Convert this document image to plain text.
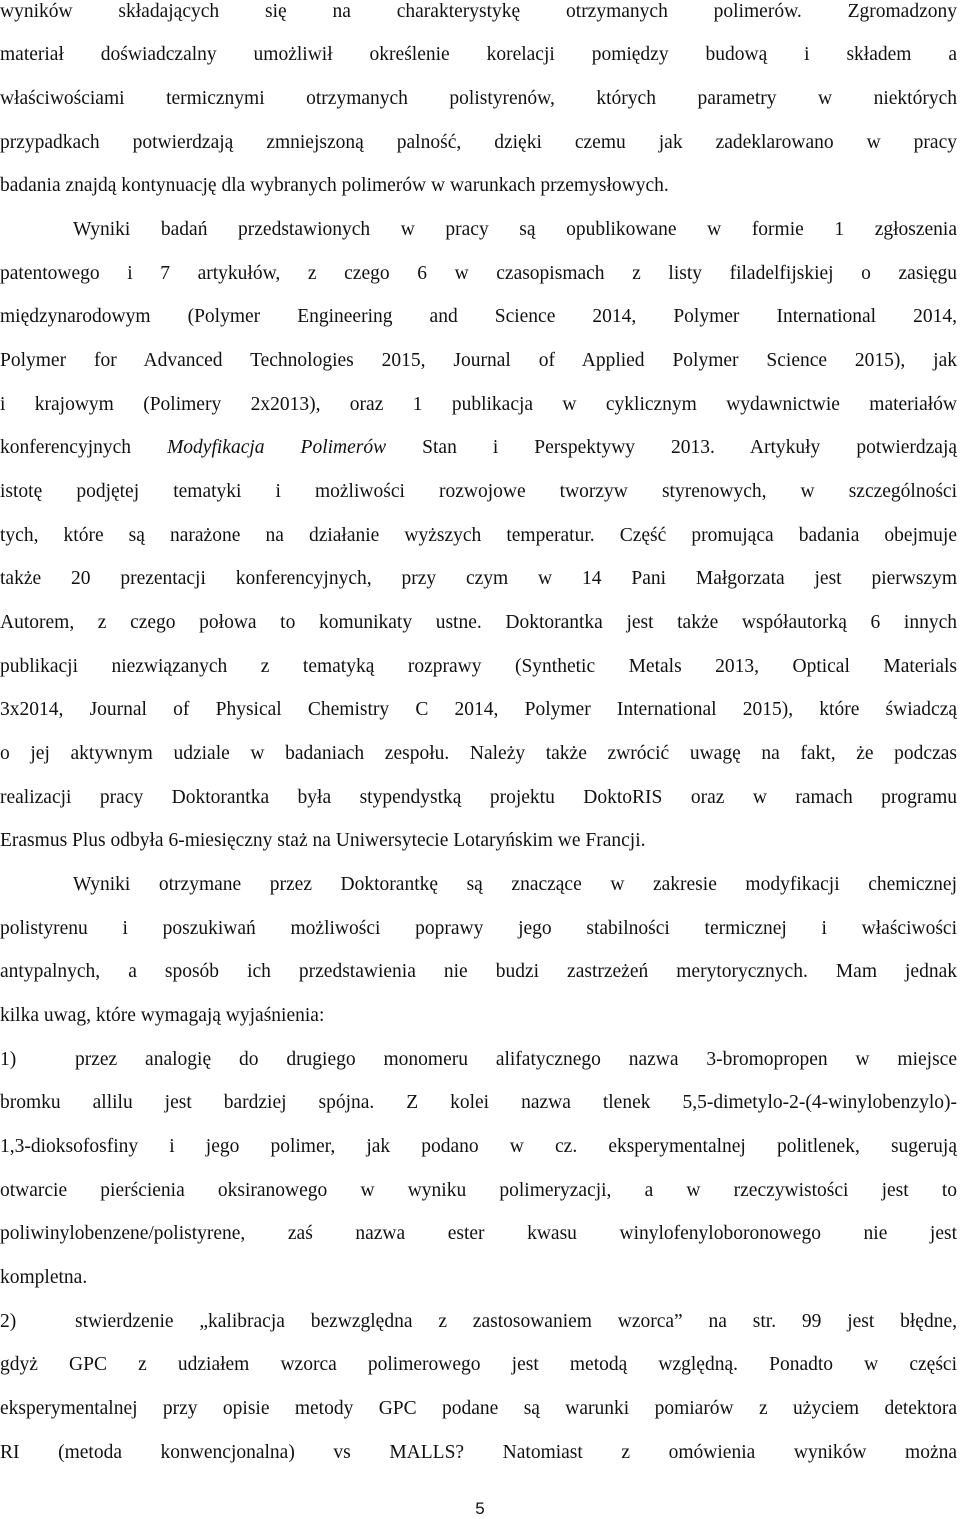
wyników składających się na charakterystykę otrzymanych polimerów. Zgromadzony
materiał doświadczalny umożliwił określenie korelacji pomiędzy budową i składem a
właściwościami termicznymi otrzymanych polistyrenów, których parametry w niektórych
przypadkach potwierdzają zmniejszoną palność, dzięki czemu jak zadeklarowano w pracy
badania znajdą kontynuację dla wybranych polimerów w warunkach przemysłowych.
Wyniki badań przedstawionych w pracy są opublikowane w formie 1 zgłoszenia
patentowego i 7 artykułów, z czego 6 w czasopismach z listy filadelfijskiej o zasięgu
międzynarodowym (Polymer Engineering and Science 2014, Polymer International 2014,
Polymer for Advanced Technologies 2015, Journal of Applied Polymer Science 2015), jak
i krajowym (Polimery 2x2013), oraz 1 publikacja w cyklicznym wydawnictwie materiałów
konferencyjnych Modyfikacja Polimerów Stan i Perspektywy 2013. Artykuły potwierdzają
istotę podjętej tematyki i możliwości rozwojowe tworzyw styrenowych, w szczególności
tych, które są narażone na działanie wyższych temperatur. Część promująca badania obejmuje
także 20 prezentacji konferencyjnych, przy czym w 14 Pani Małgorzata jest pierwszym
Autorem, z czego połowa to komunikaty ustne. Doktorantka jest także współautorką 6 innych
publikacji niezwiązanych z tematyką rozprawy (Synthetic Metals 2013, Optical Materials
3x2014, Journal of Physical Chemistry C 2014, Polymer International 2015), które świadczą
o jej aktywnym udziale w badaniach zespołu. Należy także zwrócić uwagę na fakt, że podczas
realizacji pracy Doktorantka była stypendystką projektu DoktoRIS oraz w ramach programu
Erasmus Plus odbyła 6-miesięczny staż na Uniwersytecie Lotaryńskim we Francji.
Wyniki otrzymane przez Doktorantkę są znaczące w zakresie modyfikacji chemicznej
polistyrenu i poszukiwań możliwości poprawy jego stabilności termicznej i właściwości
antypalnych, a sposób ich przedstawienia nie budzi zastrzeżeń merytorycznych. Mam jednak
kilka uwag, które wymagają wyjaśnienia:
1)	przez analogię do drugiego monomeru alifatycznego nazwa 3-bromopropen w miejsce
bromku allilu jest bardziej spójna. Z kolei nazwa tlenek 5,5-dimetylo-2-(4-winylobenzylo)-
1,3-dioksofosfiny i jego polimer, jak podano w cz. eksperymentalnej politlenek, sugerują
otwarcie pierścienia oksiranowego w wyniku polimeryzacji, a w rzeczywistości jest to
poliwinylobenzene/polistyrene, zaś nazwa ester kwasu winylofenyloboronowego nie jest
kompletna.
2)	stwierdzenie „kalibracja bezwzględna z zastosowaniem wzorca” na str. 99 jest błędne,
gdyż GPC z udziałem wzorca polimerowego jest metodą względną. Ponadto w części
eksperymentalnej przy opisie metody GPC podane są warunki pomiarów z użyciem detektora
RI (metoda konwencjonalna) vs MALLS? Natomiast z omówienia wyników można
5
